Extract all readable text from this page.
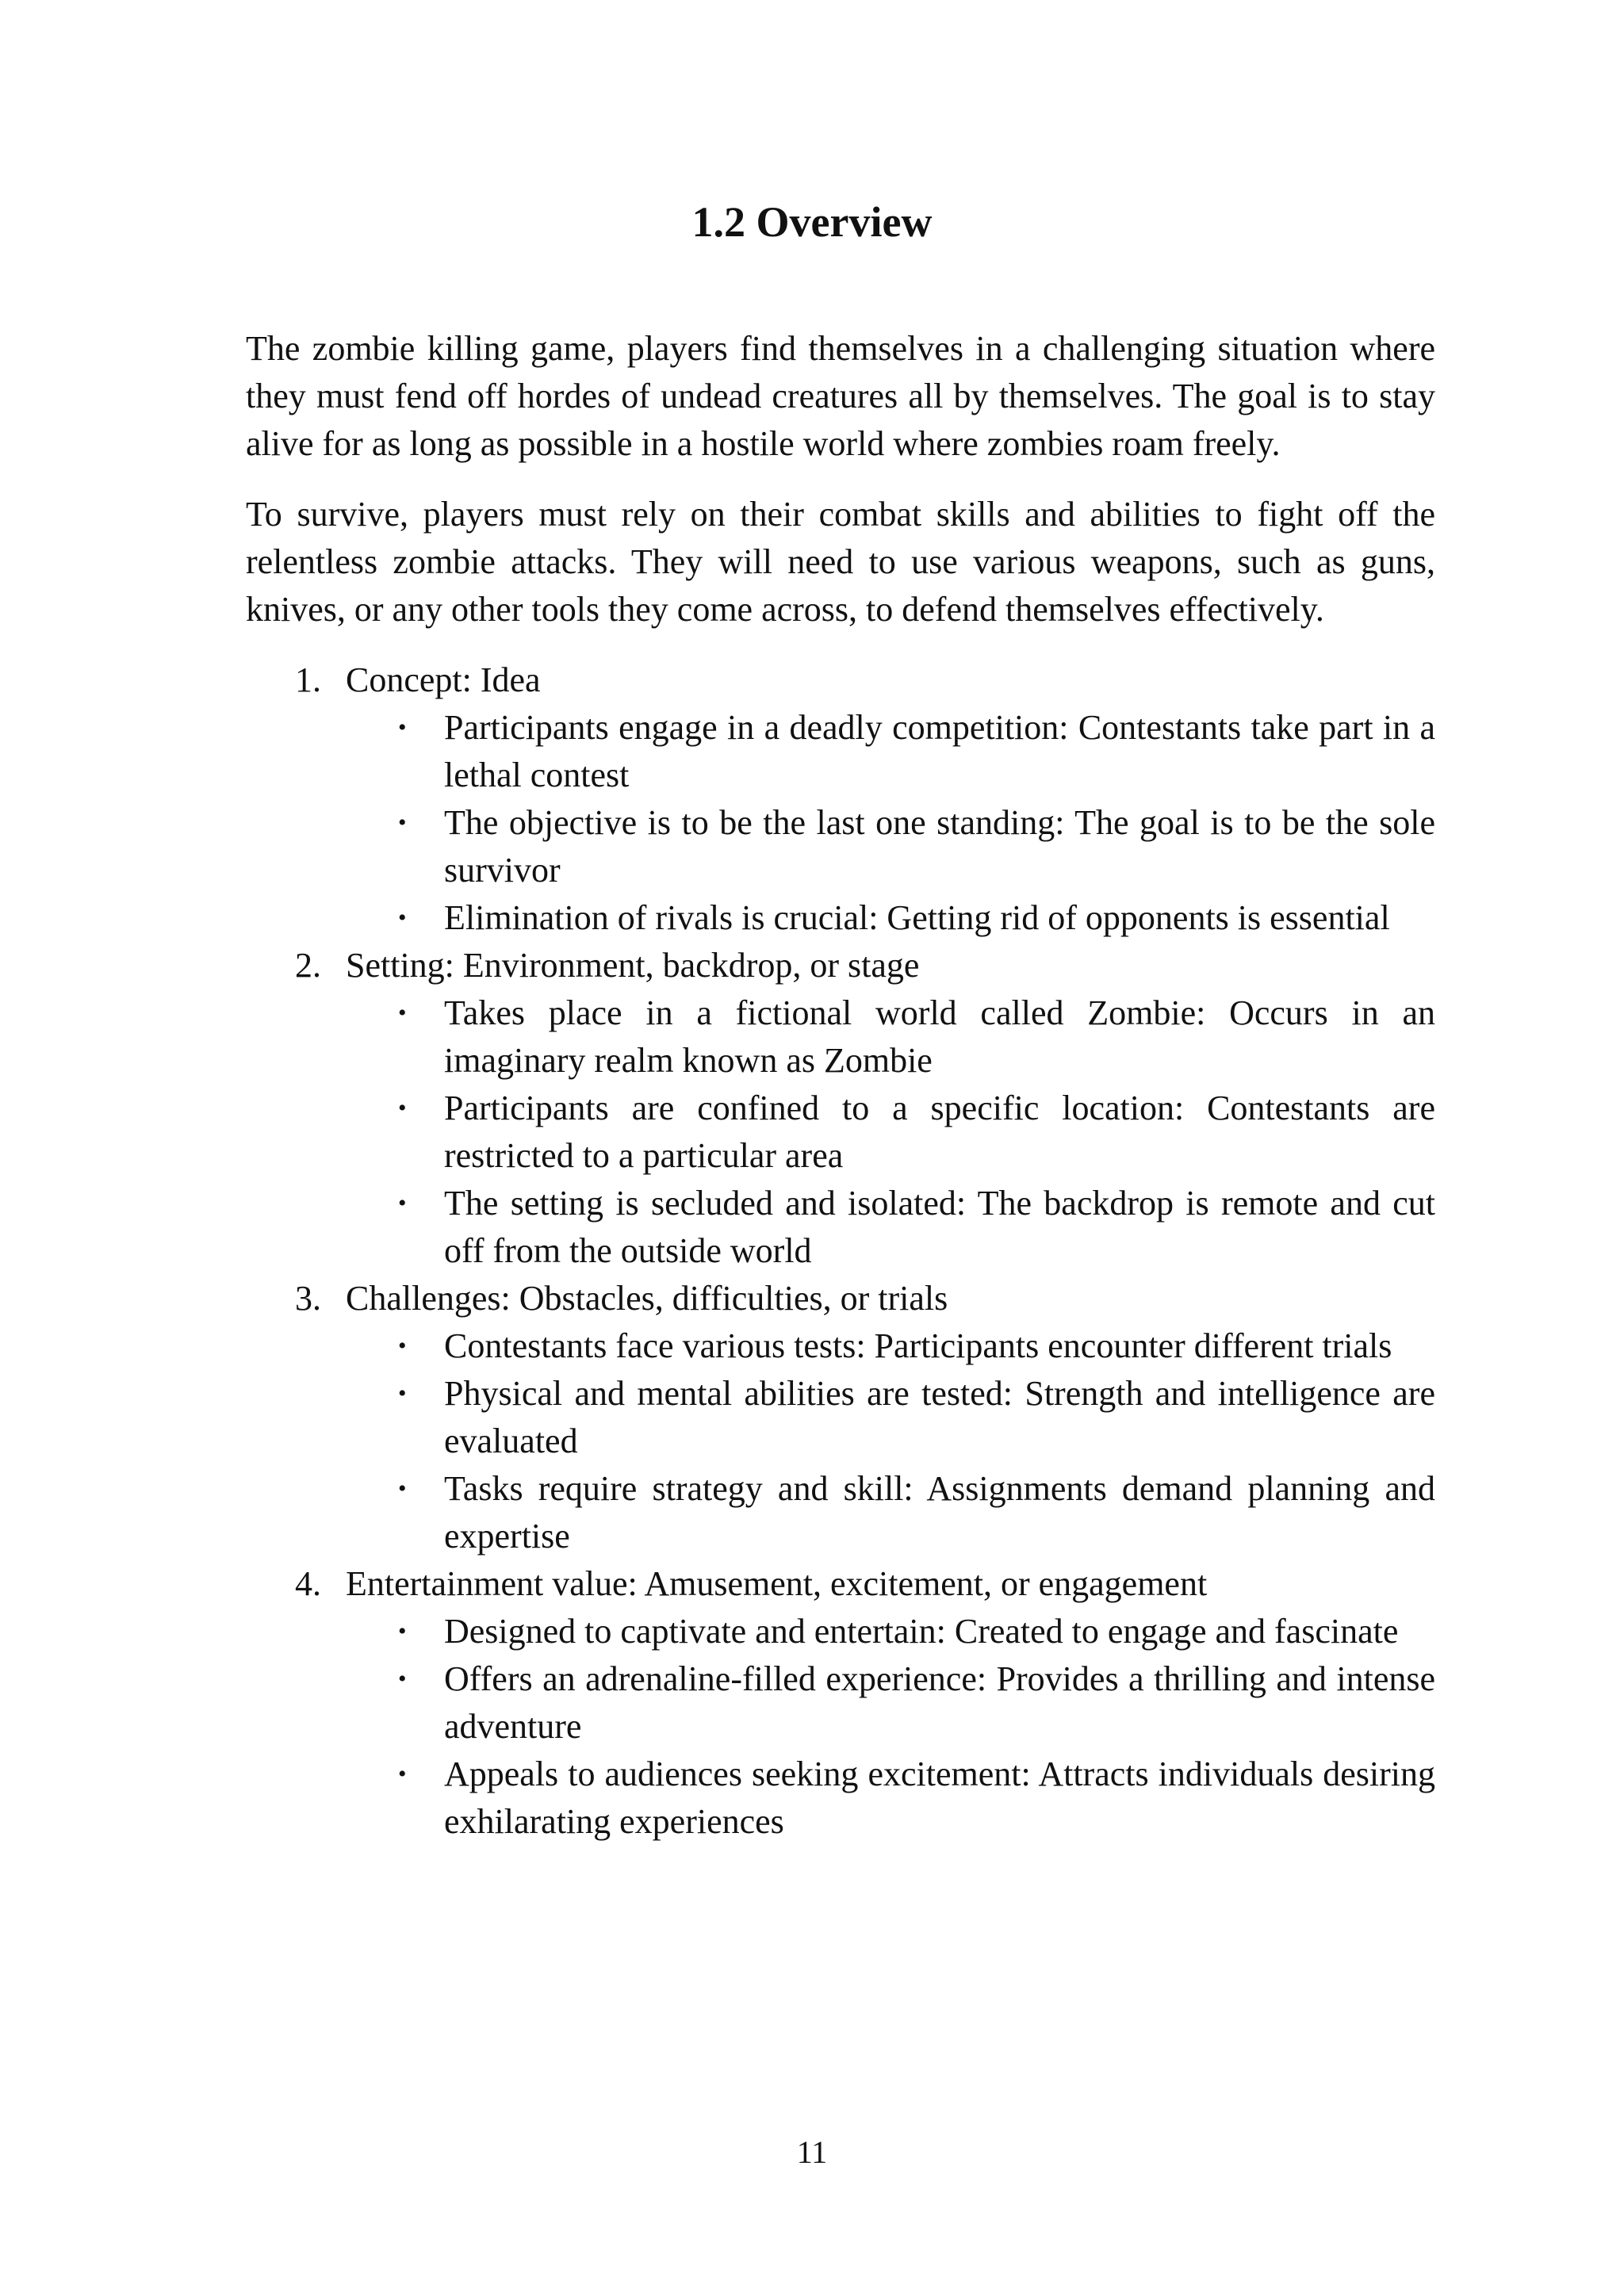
1.2 Overview

The zombie killing game, players find themselves in a challenging situation where they must fend off hordes of undead creatures all by themselves. The goal is to stay alive for as long as possible in a hostile world where zombies roam freely.

To survive, players must rely on their combat skills and abilities to fight off the relentless zombie attacks. They will need to use various weapons, such as guns, knives, or any other tools they come across, to defend themselves effectively.

1. Concept: Idea
• Participants engage in a deadly competition: Contestants take part in a lethal contest
• The objective is to be the last one standing: The goal is to be the sole survivor
• Elimination of rivals is crucial: Getting rid of opponents is essential
2. Setting: Environment, backdrop, or stage
• Takes place in a fictional world called Zombie: Occurs in an imaginary realm known as Zombie
• Participants are confined to a specific location: Contestants are restricted to a particular area
• The setting is secluded and isolated: The backdrop is remote and cut off from the outside world
3. Challenges: Obstacles, difficulties, or trials
• Contestants face various tests: Participants encounter different trials
• Physical and mental abilities are tested: Strength and intelligence are evaluated
• Tasks require strategy and skill: Assignments demand planning and expertise
4. Entertainment value: Amusement, excitement, or engagement
• Designed to captivate and entertain: Created to engage and fascinate
• Offers an adrenaline-filled experience: Provides a thrilling and intense adventure
• Appeals to audiences seeking excitement: Attracts individuals desiring exhilarating experiences
11
